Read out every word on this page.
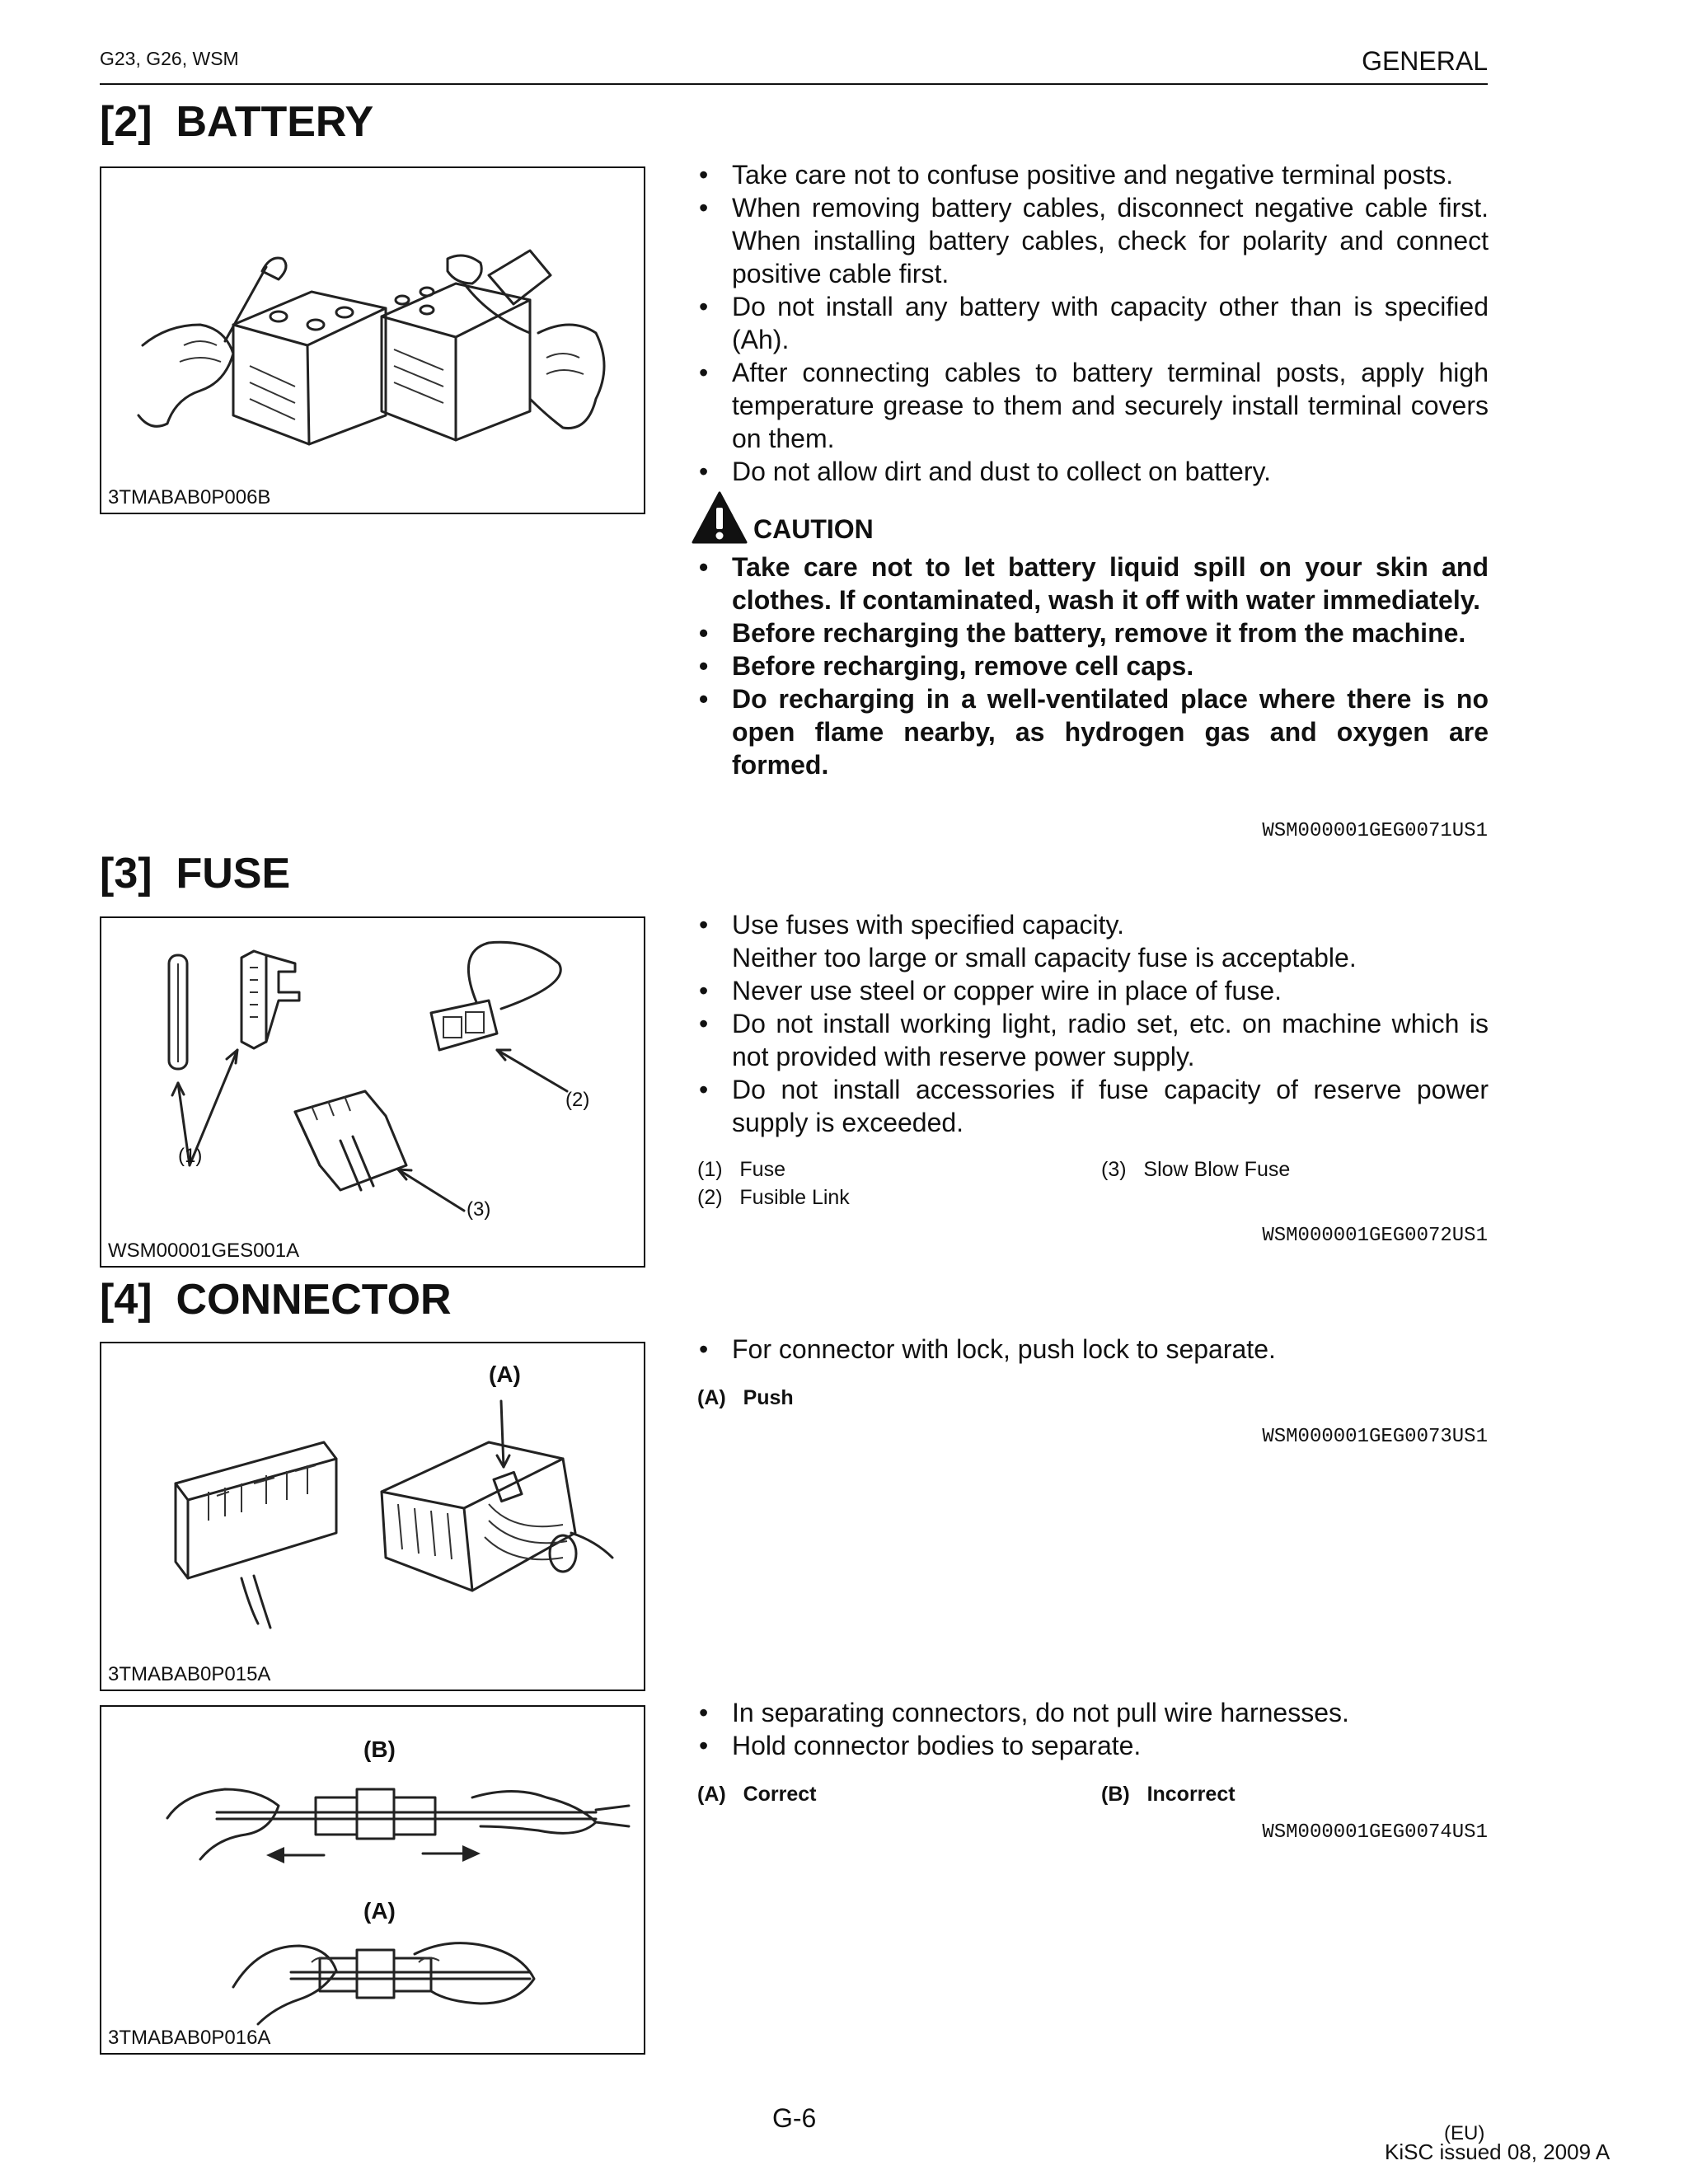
G23, G26, WSM	GENERAL
[2]  BATTERY
3TMABAB0P006B
• Take care not to confuse positive and negative terminal posts.
• When removing battery cables, disconnect negative cable first. When installing battery cables, check for polarity and connect positive cable first.
• Do not install any battery with capacity other than is specified (Ah).
• After connecting cables to battery terminal posts, apply high temperature grease to them and securely install terminal covers on them.
• Do not allow dirt and dust to collect on battery.
CAUTION
• Take care not to let battery liquid spill on your skin and clothes. If contaminated, wash it off with water immediately.
• Before recharging the battery, remove it from the machine.
• Before recharging, remove cell caps.
• Do recharging in a well-ventilated place where there is no open flame nearby, as hydrogen gas and oxygen are formed.
WSM000001GEG0071US1
[3]  FUSE
(1)
(2)
(3)
WSM00001GES001A
• Use fuses with specified capacity.
Neither too large or small capacity fuse is acceptable.
• Never use steel or copper wire in place of fuse.
• Do not install working light, radio set, etc. on machine which is not provided with reserve power supply.
• Do not install accessories if fuse capacity of reserve power supply is exceeded.
(1) Fuse
(2) Fusible Link
(3) Slow Blow Fuse
WSM000001GEG0072US1
[4]  CONNECTOR
(A)
3TMABAB0P015A
• For connector with lock, push lock to separate.
(A) Push
WSM000001GEG0073US1
(B)
(A)
3TMABAB0P016A
• In separating connectors, do not pull wire harnesses.
• Hold connector bodies to separate.
(A) Correct	(B) Incorrect
WSM000001GEG0074US1
G-6
(EU)
KiSC issued 08, 2009 A
